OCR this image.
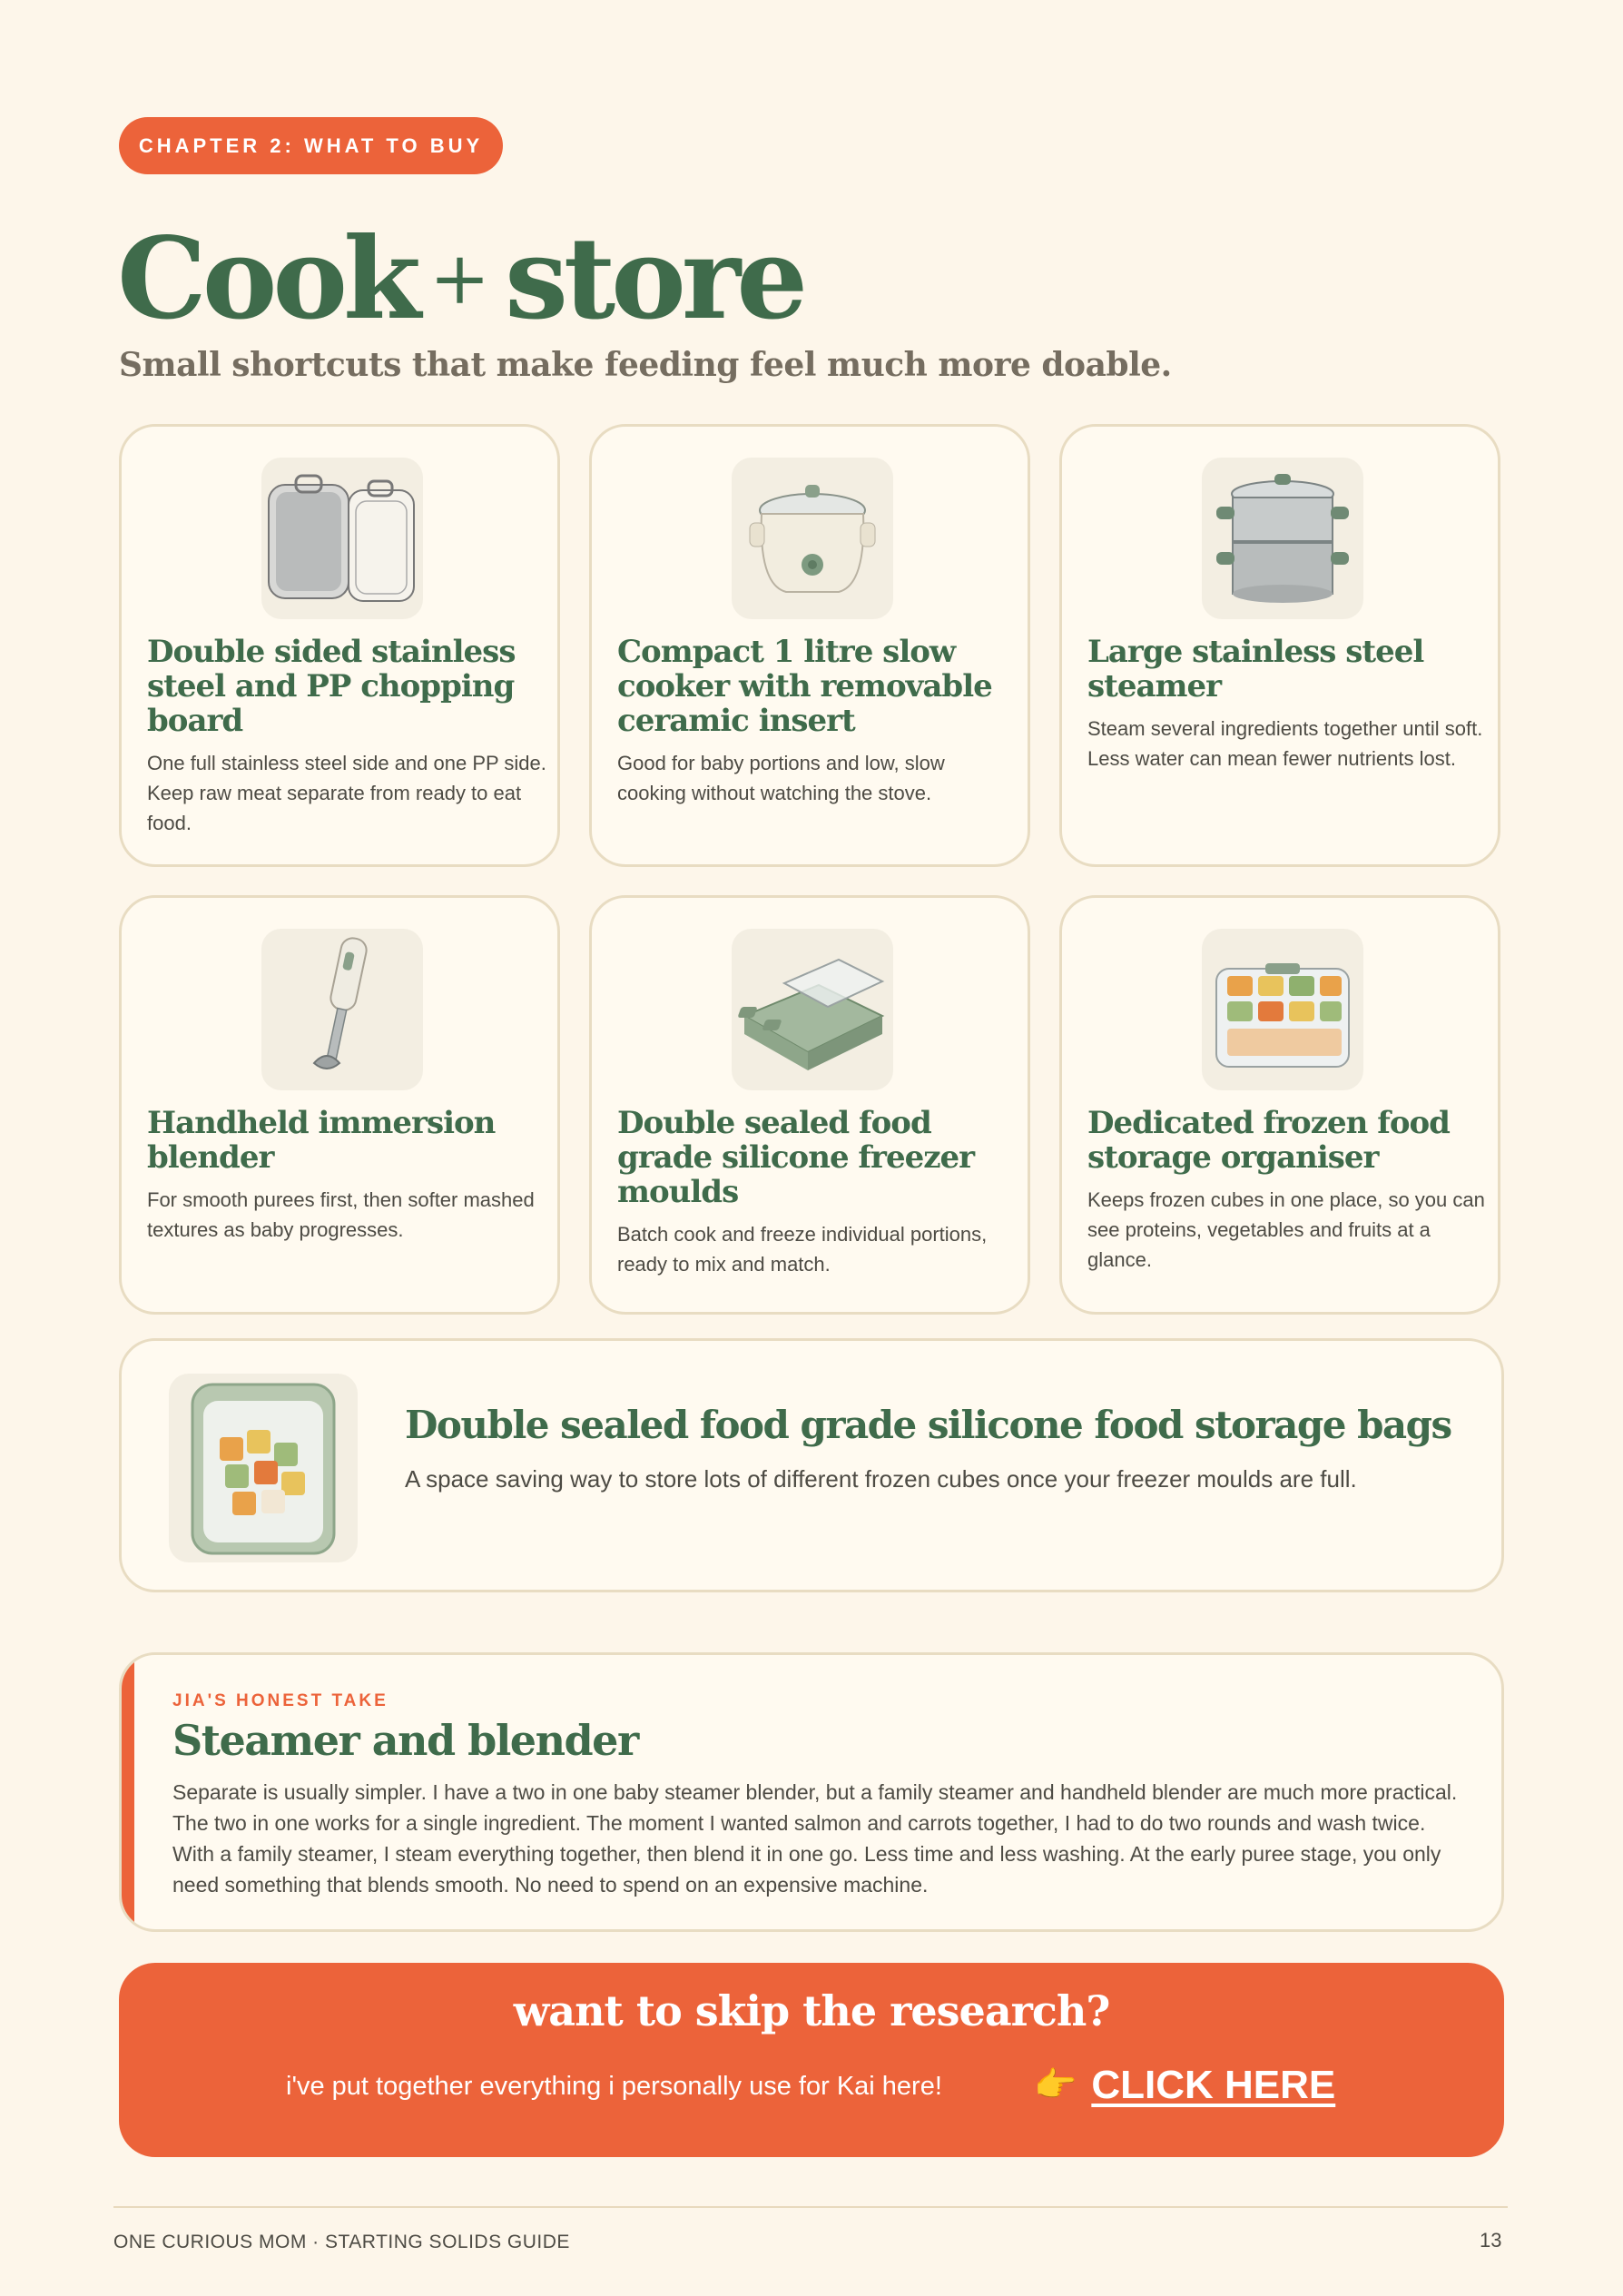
CHAPTER 2: WHAT TO BUY
Cook + store
Small shortcuts that make feeding feel much more doable.
Double sided stainless steel and PP chopping board
One full stainless steel side and one PP side. Keep raw meat separate from ready to eat food.
Compact 1 litre slow cooker with removable ceramic insert
Good for baby portions and low, slow cooking without watching the stove.
Large stainless steel steamer
Steam several ingredients together until soft. Less water can mean fewer nutrients lost.
Handheld immersion blender
For smooth purees first, then softer mashed textures as baby progresses.
Double sealed food grade silicone freezer moulds
Batch cook and freeze individual portions, ready to mix and match.
Dedicated frozen food storage organiser
Keeps frozen cubes in one place, so you can see proteins, vegetables and fruits at a glance.
Double sealed food grade silicone food storage bags
A space saving way to store lots of different frozen cubes once your freezer moulds are full.
JIA'S HONEST TAKE
Steamer and blender
Separate is usually simpler. I have a two in one baby steamer blender, but a family steamer and handheld blender are much more practical. The two in one works for a single ingredient. The moment I wanted salmon and carrots together, I had to do two rounds and wash twice. With a family steamer, I steam everything together, then blend it in one go. Less time and less washing. At the early puree stage, you only need something that blends smooth. No need to spend on an expensive machine.
want to skip the research?
i've put together everything i personally use for Kai here!	👉 CLICK HERE
ONE CURIOUS MOM · STARTING SOLIDS GUIDE	13
